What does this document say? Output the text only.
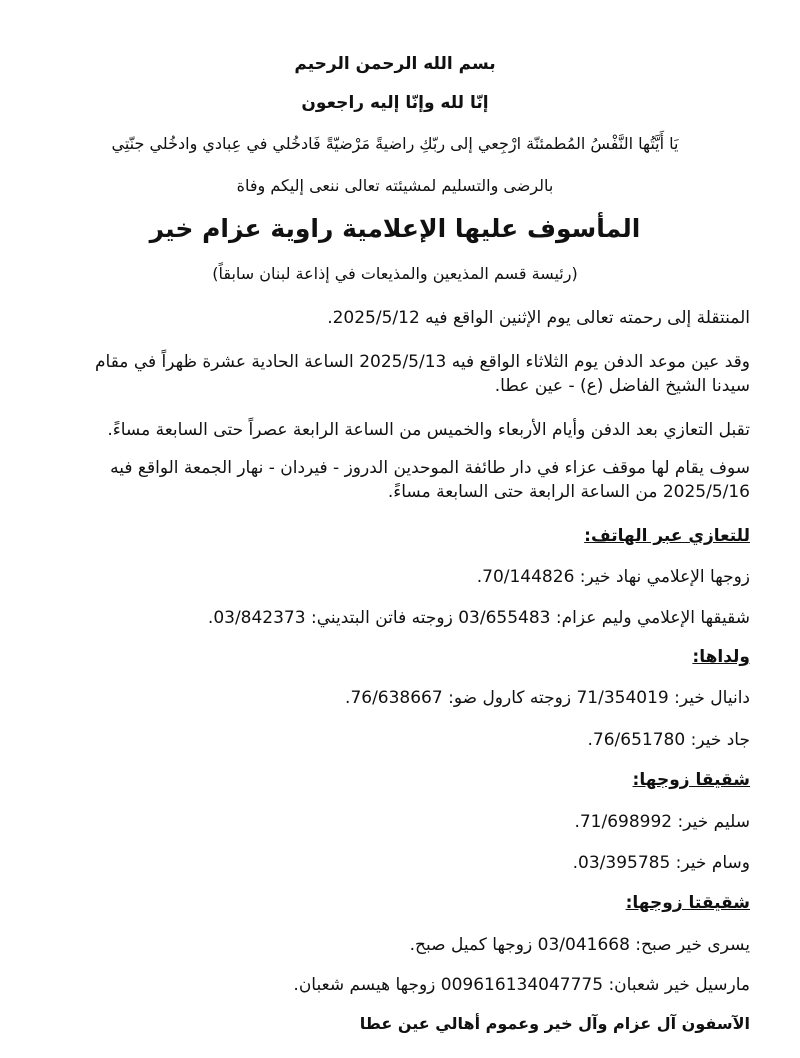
بسم الله الرحمن الرحيم
إنّا لله وإنّا إليه راجعون
يَا أَيَّتُها النَّفْسُ المُطمئنّة ارْجِعي إلى ربّكِ راضيةً مَرْضيّةً فَادخُلي في عِبادي وادخُلي جنّتِي
بالرضى والتسليم لمشيئته تعالى ننعى إليكم وفاة
المأسوف عليها الإعلامية راوية عزام خير
(رئيسة قسم المذيعين والمذيعات في إذاعة لبنان سابقاً)
المنتقلة إلى رحمته تعالى يوم الإثنين الواقع فيه 2025/5/12.
وقد عين موعد الدفن يوم الثلاثاء الواقع فيه 2025/5/13 الساعة الحادية عشرة ظهراً في مقام
سيدنا الشيخ الفاضل (ع) - عين عطا.
تقبل التعازي بعد الدفن وأيام الأربعاء والخميس من الساعة الرابعة عصراً حتى السابعة مساءً.
سوف يقام لها موقف عزاء في دار طائفة الموحدين الدروز - فيردان - نهار الجمعة الواقع فيه
2025/5/16 من الساعة الرابعة حتى السابعة مساءً.
للتعازي عبر الهاتف:
زوجها الإعلامي نهاد خير: 70/144826.
شقيقها الإعلامي وليم عزام: 03/655483 زوجته فاتن البتديني: 03/842373.
ولداها:
دانيال خير: 71/354019 زوجته كارول ضو: 76/638667.
جاد خير: 76/651780.
شقيقا زوجها:
سليم خير: 71/698992.
وسام خير: 03/395785.
شقيقتا زوجها:
يسرى خير صبح: 03/041668 زوجها كميل صبح.
مارسيل خير شعبان: 009616134047775 زوجها هيسم شعبان.
الآسفون آل عزام وآل خير وعموم أهالي عين عطا
